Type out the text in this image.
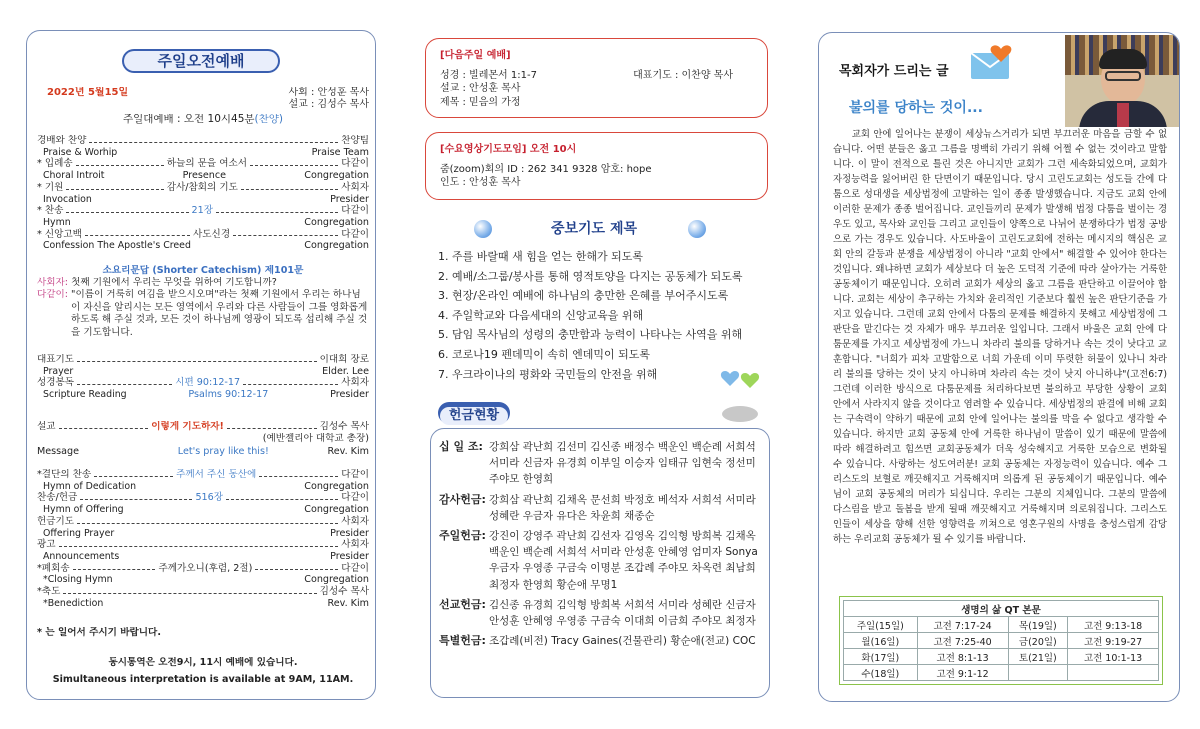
주일오전예배
2022년 5월15일	사회 : 안성훈 목사
설교 : 김성수 목사
주일대예배 : 오전 10시45분(찬양)
경배와 찬양	찬양팀
Praise & Worhip	Praise Team
* 입례송	하늘의 문을 여소서	다같이
Choral Introit	Presence	Congregation
* 기원	감사/참회의 기도	사회자
Invocation	Presider
* 찬송	21장	다같이
Hymn	Congregation
* 신앙고백	사도신경	다같이
Confession The Apostle's Creed	Congregation
소요리문답 (Shorter Catechism) 제101문
사회자: 첫째 기원에서 우리는 무엇을 위하여 기도합니까?
다같이: "이름이 거룩히 여김을 받으시오며"라는 첫째 기원에서 우리는 하나님이 자신을 알리시는 모든 영역에서 우리와 다른 사람들이 그를 영화롭게 하도록 해 주실 것과, 모든 것이 하나님께 영광이 되도록 섭리해 주실 것을 기도합니다.
대표기도	이대희 장로
Prayer	Elder. Lee
성경봉독	시편 90:12-17	사회자
Scripture Reading	Psalms 90:12-17	Presider
설교	이렇게 기도하자!	김성수 목사
(예반젤리아 대학교 총장)
Message	Let's pray like this!	Rev. Kim
*결단의 찬송	주께서 주신 동산에	다같이
Hymn of Dedication	Congregation
찬송/헌금	516장	다같이
Hymn of Offering	Congregation
헌금기도	사회자
Offering Prayer	Presider
광고	사회자
Announcements	Presider
*폐회송	주께가오니(후렴, 2절)	다같이
*Closing Hymn	Congregation
*축도	김성수 목사
*Benediction	Rev. Kim
* 는 일어서 주시기 바랍니다.
동시통역은 오전9시, 11시 예배에 있습니다.
Simultaneous interpretation is available at 9AM, 11AM.
[다음주일 예배]
성경 : 빌레몬서 1:1-7	대표기도 : 이찬양 목사
설교 : 안성훈 목사
제목 : 믿음의 가정
[수요영상기도모임] 오전 10시
줌(zoom)회의 ID : 262 341 9328 암호: hope
인도 : 안성훈 목사
중보기도 제목
1. 주를 바랄때 새 힘을 얻는 한해가 되도록
2. 예배/소그룹/봉사를 통해 영적토양을 다지는 공동체가 되도록
3. 현장/온라인 예배에 하나님의 충만한 은혜를 부어주시도록
4. 주일학교와 다음세대의 신앙교육을 위해
5. 담임 목사님의 성령의 충만함과 능력이 나타나는 사역을 위해
6. 코로나19 펜데믹이 속히 엔데믹이 되도록
7. 우크라이나의 평화와 국민들의 안전을 위해
헌금현황
십 일 조: 강희삼 곽난희 김선미 김신종 배정수 백운인 백순례 서희석 서미라 신금자 유경희 이부일 이승자 임태규 임현숙 정선미 주야모 한영희
감사헌금: 강희삼 곽난희 김채옥 문선희 박정호 베석자 서희석 서미라 성혜란 우금자 유다은 차윤희 채종순
주일헌금: 강진이 강영주 곽난희 김선자 김영옥 김익형 방희복 김채옥 백운인 백순례 서희석 서미라 안성훈 안혜영 엄미자 Sonya 우금자 우영종 구금숙 이명분 조갑례 주야모 차옥련 최남희 최정자 한영희 황순애 무명1
선교헌금: 김신종 유경희 김익형 방희복 서희석 서미라 성혜란 신금자 안성훈 안혜영 우영종 구금숙 이대희 이금희 주야모 최정자
특별헌금: 조갑례(비전) Tracy Gaines(건물관리) 황순애(전교) COC
목회자가 드리는 글
불의를 당하는 것이...
교회 안에 일어나는 분쟁이 세상뉴스거리가 되면 부끄러운 마음을 금할 수 없습니다. 어떤 분들은 옳고 그름을 명백히 가리기 위해 어쩔 수 없는 것이라고 말합니다. 이 말이 전적으로 틀린 것은 아니지만 교회가 그런 세속화되었으며, 교회가 자정능력을 잃어버린 한 단면이기 때문입니다. 당시 고린도교회는 성도들 간에 다툼으로 성대생을 세상법정에 고발하는 일이 종종 발생했습니다. 지금도 교회 안에 이러한 문제가 종종 벌어집니다. 교인들끼리 문제가 발생해 법정 다툼을 벌이는 경우도 있고, 목사와 교인들 그리고 교인들이 양쪽으로 나뉘어 분쟁하다가 법정 공방으로 가는 경우도 있습니다. 사도바울이 고린도교회에 전하는 메시지의 핵심은 교회 안의 갈등과 분쟁을 세상법정이 아니라 "교회 안에서" 해결할 수 있어야 한다는 것입니다. 왜냐하면 교회가 세상보다 더 높은 도덕적 기준에 따라 살아가는 거룩한 공동체이기 때문입니다. 오히려 교회가 세상의 옳고 그름을 판단하고 이끌어야 합니다. 교회는 세상이 추구하는 가치와 윤리적인 기준보다 훨씬 높은 판단기준을 가지고 있습니다. 그런데 교회 안에서 다툼의 문제를 해결하지 못해고 세상법정에 그 판단을 맡긴다는 것 자체가 매우 부끄러운 일입니다. 그래서 바울은 교회 안에 다툼문제를 가지고 세상법정에 가느니 차라리 불의를 당하거나 속는 것이 낫다고 교훈합니다. "너희가 피차 고발함으로 너희 가운데 이미 뚜렷한 허물이 있나니 차라리 불의를 당하는 것이 낫지 아니하며 차라리 속는 것이 낫지 아니하냐"(고전6:7) 그런데 이러한 방식으로 다툼문제를 처리하다보면 불의하고 부당한 상황이 교회 안에서 사라지지 않을 것이다고 염려할 수 있습니다. 세상법정의 판결에 비해 교회는 구속력이 약하기 때문에 교회 안에 일어나는 불의를 막을 수 없다고 생각할 수 있습니다. 하지만 교회 공동체 안에 거룩한 하나님이 말씀이 있기 때문에 말씀에 따라 해결하려고 힘쓰면 교회공동체가 더욱 성숙해지고 거룩한 모습으로 변화될 수 있습니다. 사랑하는 성도여러분! 교회 공동체는 자정능력이 있습니다. 예수 그리스도의 보혈로 깨끗해지고 거룩해지며 의롭게 된 공동체이기 때문입니다. 예수님이 교회 공동체의 머리가 되십니다. 우리는 그분의 지체입니다. 그분의 말씀에 다스림을 받고 돌봄을 받게 될때 깨끗해지고 거룩해지며 의로워집니다. 그리스도인들이 세상을 향해 선한 영향력을 끼쳐으로 영혼구원의 사명을 충성스럽게 감당하는 우리교회 공동체가 될 수 있기를 바랍니다.
생명의 삶 QT 본문			
주일(15일)	고전 7:17-24	목(19일)	고전 9:13-18
월(16일)	고전 7:25-40	금(20일)	고전 9:19-27
화(17일)	고전 8:1-13	토(21일)	고전 10:1-13
수(18일)	고전 9:1-12		
